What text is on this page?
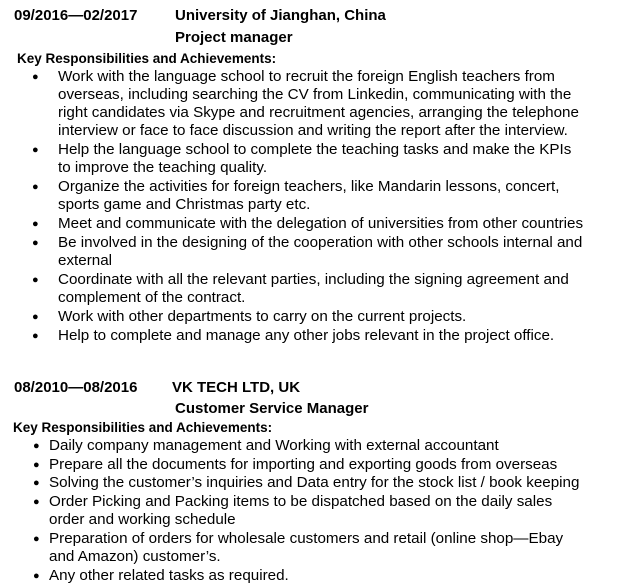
09/2016—02/2017	University of Jianghan, China
Project manager
Key Responsibilities and Achievements:
● Work with the language school to recruit the foreign English teachers from
overseas, including searching the CV from Linkedin, communicating with the
right candidates via Skype and recruitment agencies, arranging the telephone
interview or face to face discussion and writing the report after the interview.
● Help the language school to complete the teaching tasks and make the KPIs
to improve the teaching quality.
● Organize the activities for foreign teachers, like Mandarin lessons, concert,
sports game and Christmas party etc.
● Meet and communicate with the delegation of universities from other countries
● Be involved in the designing of the cooperation with other schools internal and
external
● Coordinate with all the relevant parties, including the signing agreement and
complement of the contract.
● Work with other departments to carry on the current projects.
● Help to complete and manage any other jobs relevant in the project office.
08/2010—08/2016 VK TECH LTD, UK
Customer Service Manager
Key Responsibilities and Achievements:
● Daily company management and Working with external accountant
● Prepare all the documents for importing and exporting goods from overseas
● Solving the customer’s inquiries and Data entry for the stock list / book keeping
● Order Picking and Packing items to be dispatched based on the daily sales
order and working schedule
● Preparation of orders for wholesale customers and retail (online shop—Ebay
and Amazon) customer’s.
● Any other related tasks as required.
